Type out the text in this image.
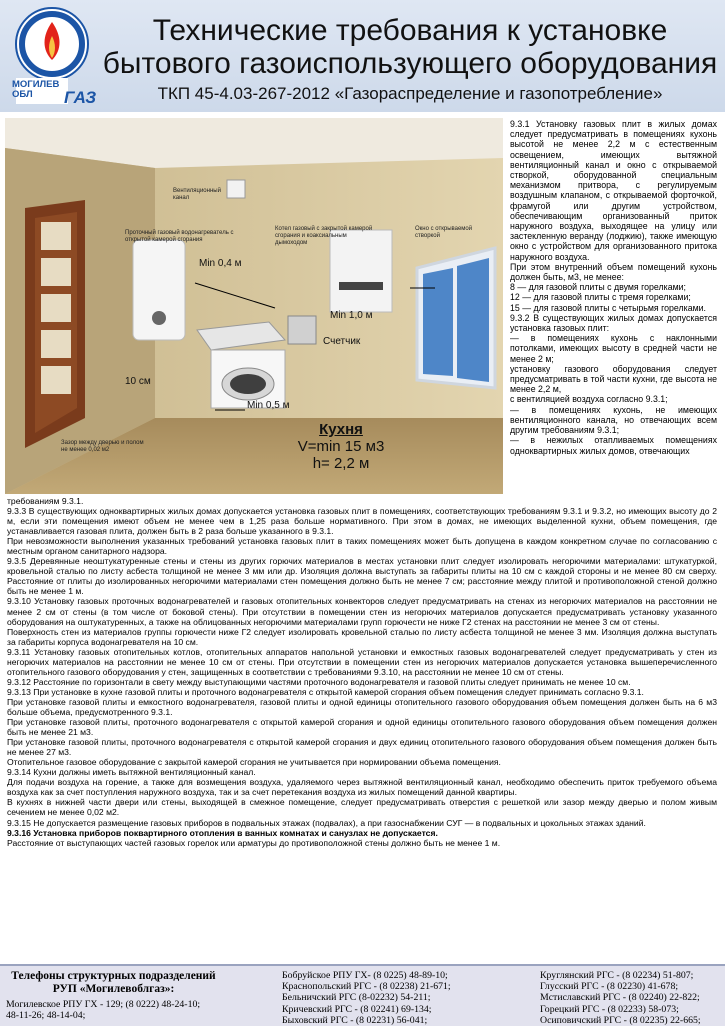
МОГИЛЕВ ОБЛ	ГАЗ
Технические требования к установке
бытового газоиспользующего оборудования
ТКП 45-4.03-267-2012 «Газораспределение и газопотребление»
Вентиляционный канал
Котел газовый с закрытой камерой сгорания и коаксиальным дымоходом
Окно с открываемой створкой
Проточный газовый водонагреватель с открытой камерой сгорания
Min 0,4 м
Min 1,0 м
Счетчик
10 см
Min 0,5 м
Зазор между дверью и полом не менее 0,02 м2
Кухня
V=min 15 м3
h= 2,2 м

9.3.1 Установку газовых плит в жилых домах следует предусматривать в помещениях кухонь высотой не менее 2,2 м с естественным освещением, имеющих вытяжной вентиляционный канал и окно с открываемой створкой, оборудованной специальным механизмом притвора, с регулируемым воздушным клапаном, с открываемой форточкой, фрамугой или другим устройством, обеспечивающим организованный приток наружного воздуха, выходящее на улицу или застекленную веранду (лоджию), также имеющую окно с устройством для организованного притока наружного воздуха.

При этом внутренний объем помещений кухонь должен быть, м3, не менее:

8 — для газовой плиты с двумя горелками;

12 — для газовой плиты с тремя горелками;

15 — для газовой плиты с четырьмя горелками.

9.3.2 В существующих жилых домах допускается установка газовых плит:

— в помещениях кухонь с наклонными потолками, имеющих высоту в средней части не менее 2 м;

установку газового оборудования следует предусматривать в той части кухни, где высота не менее 2,2 м,

с вентиляцией воздуха согласно 9.3.1;

— в помещениях кухонь, не имеющих вентиляционного канала, но отвечающих всем другим требованиям 9.3.1;

— в нежилых отапливаемых помещениях одноквартирных жилых домов, отвечающих

требованиям 9.3.1.

9.3.3 В существующих одноквартирных жилых домах допускается установка газовых плит в помещениях, соответствующих требованиям 9.3.1 и 9.3.2, но имеющих высоту до 2 м, если эти помещения имеют объем не менее чем в 1,25 раза больше нормативного. При этом в домах, не имеющих выделенной кухни, объем помещения, где устанавливается газовая плита, должен быть в 2 раза больше указанного в 9.3.1.

При невозможности выполнения указанных требований установка газовых плит в таких помещениях может быть допущена в каждом конкретном случае по согласованию с местным органом санитарного надзора.

9.3.5 Деревянные неоштукатуренные стены и стены из других горючих материалов в местах установки плит следует изолировать негорючими материалами: штукатуркой, кровельной сталью по листу асбеста толщиной не менее 3 мм или др. Изоляция должна выступать за габариты плиты на 10 см с каждой стороны и не менее 80 см сверху. Расстояние от плиты до изолированных негорючими материалами стен помещения должно быть не менее 7 см; расстояние между плитой и противоположной стеной должно быть не менее 1 м.

9.3.10 Установку газовых проточных водонагревателей и газовых отопительных конвекторов следует предусматривать на стенах из негорючих материалов на расстоянии не менее 2 см от стены (в том числе от боковой стены). При отсутствии в помещении стен из негорючих материалов допускается предусматривать установку указанного оборудования на оштукатуренных, а также на облицованных негорючими материалами групп горючести не ниже Г2 стенах на расстоянии не менее 3 см от стены.

Поверхность стен из материалов группы горючести ниже Г2 следует изолировать кровельной сталью по листу асбеста толщиной не менее 3 мм. Изоляция должна выступать за габариты корпуса водонагревателя на 10 см.

9.3.11 Установку газовых отопительных котлов, отопительных аппаратов напольной установки и емкостных газовых водонагревателей следует предусматривать у стен из негорючих материалов на расстоянии не менее 10 см от стены. При отсутствии в помещении стен из негорючих материалов допускается установка вышеперечисленного отопительного газового оборудования у стен, защищенных в соответствии с требованиями 9.3.10, на расстоянии не менее 10 см от стены.

9.3.12 Расстояние по горизонтали в свету между выступающими частями проточного водонагревателя и газовой плиты следует принимать не менее 10 см.

9.3.13 При установке в кухне газовой плиты и проточного водонагревателя с открытой камерой сгорания объем помещения следует принимать согласно 9.3.1.

При установке газовой плиты и емкостного водонагревателя, газовой плиты и одной единицы отопительного газового оборудования объем помещения должен быть на 6 м3 больше объема, предусмотренного 9.3.1.

При установке газовой плиты, проточного водонагревателя с открытой камерой сгорания и одной единицы отопительного газового оборудования объем помещения должен быть не менее 21 м3.

При установке газовой плиты, проточного водонагревателя с открытой камерой сгорания и двух единиц отопительного газового оборудования объем помещения должен быть не менее 27 м3.

Отопительное газовое оборудование с закрытой камерой сгорания не учитывается при нормировании объема помещения.

9.3.14 Кухни должны иметь вытяжной вентиляционный канал.

Для подачи воздуха на горение, а также для возмещения воздуха, удаляемого через вытяжной вентиляционный канал, необходимо обеспечить приток требуемого объема воздуха как за счет поступления наружного воздуха, так и за счет перетекания воздуха из жилых помещений данной квартиры.

В кухнях в нижней части двери или стены, выходящей в смежное помещение, следует предусматривать отверстия с решеткой или зазор между дверью и полом живым сечением не менее 0,02 м2.

9.3.15 Не допускается размещение газовых приборов в подвальных этажах (подвалах), а при газоснабжении СУГ — в подвальных и цокольных этажах зданий.

9.3.16 Установка приборов поквартирного отопления в ванных комнатах и санузлах не допускается.

Расстояние от выступающих частей газовых горелок или арматуры до противоположной стены должно быть не менее 1 м.

Телефоны структурных подразделений
РУП «Могилевоблгаз»:
Могилевское РПУ ГХ - 129; (8 0222) 48-24-10;
48-11-26; 48-14-04;
Бобруйское РПУ ГХ- (8 0225) 48-89-10;
Краснопольский РГС - (8 02238) 21-671;
Бельничский РГС (8-02232) 54-211;
Кричевский РГС - (8 02241) 69-134;
Быховский РГС - (8 02231) 56-041;
Круглянский РГС - (8 02234) 51-807;
Глусский РГС - (8 02230) 41-678;
Мстиславский РГС - (8 02240) 22-822;
Горецкий РГС - (8 02233) 58-073;
Осиповичский РГС - (8 02235) 22-665;
